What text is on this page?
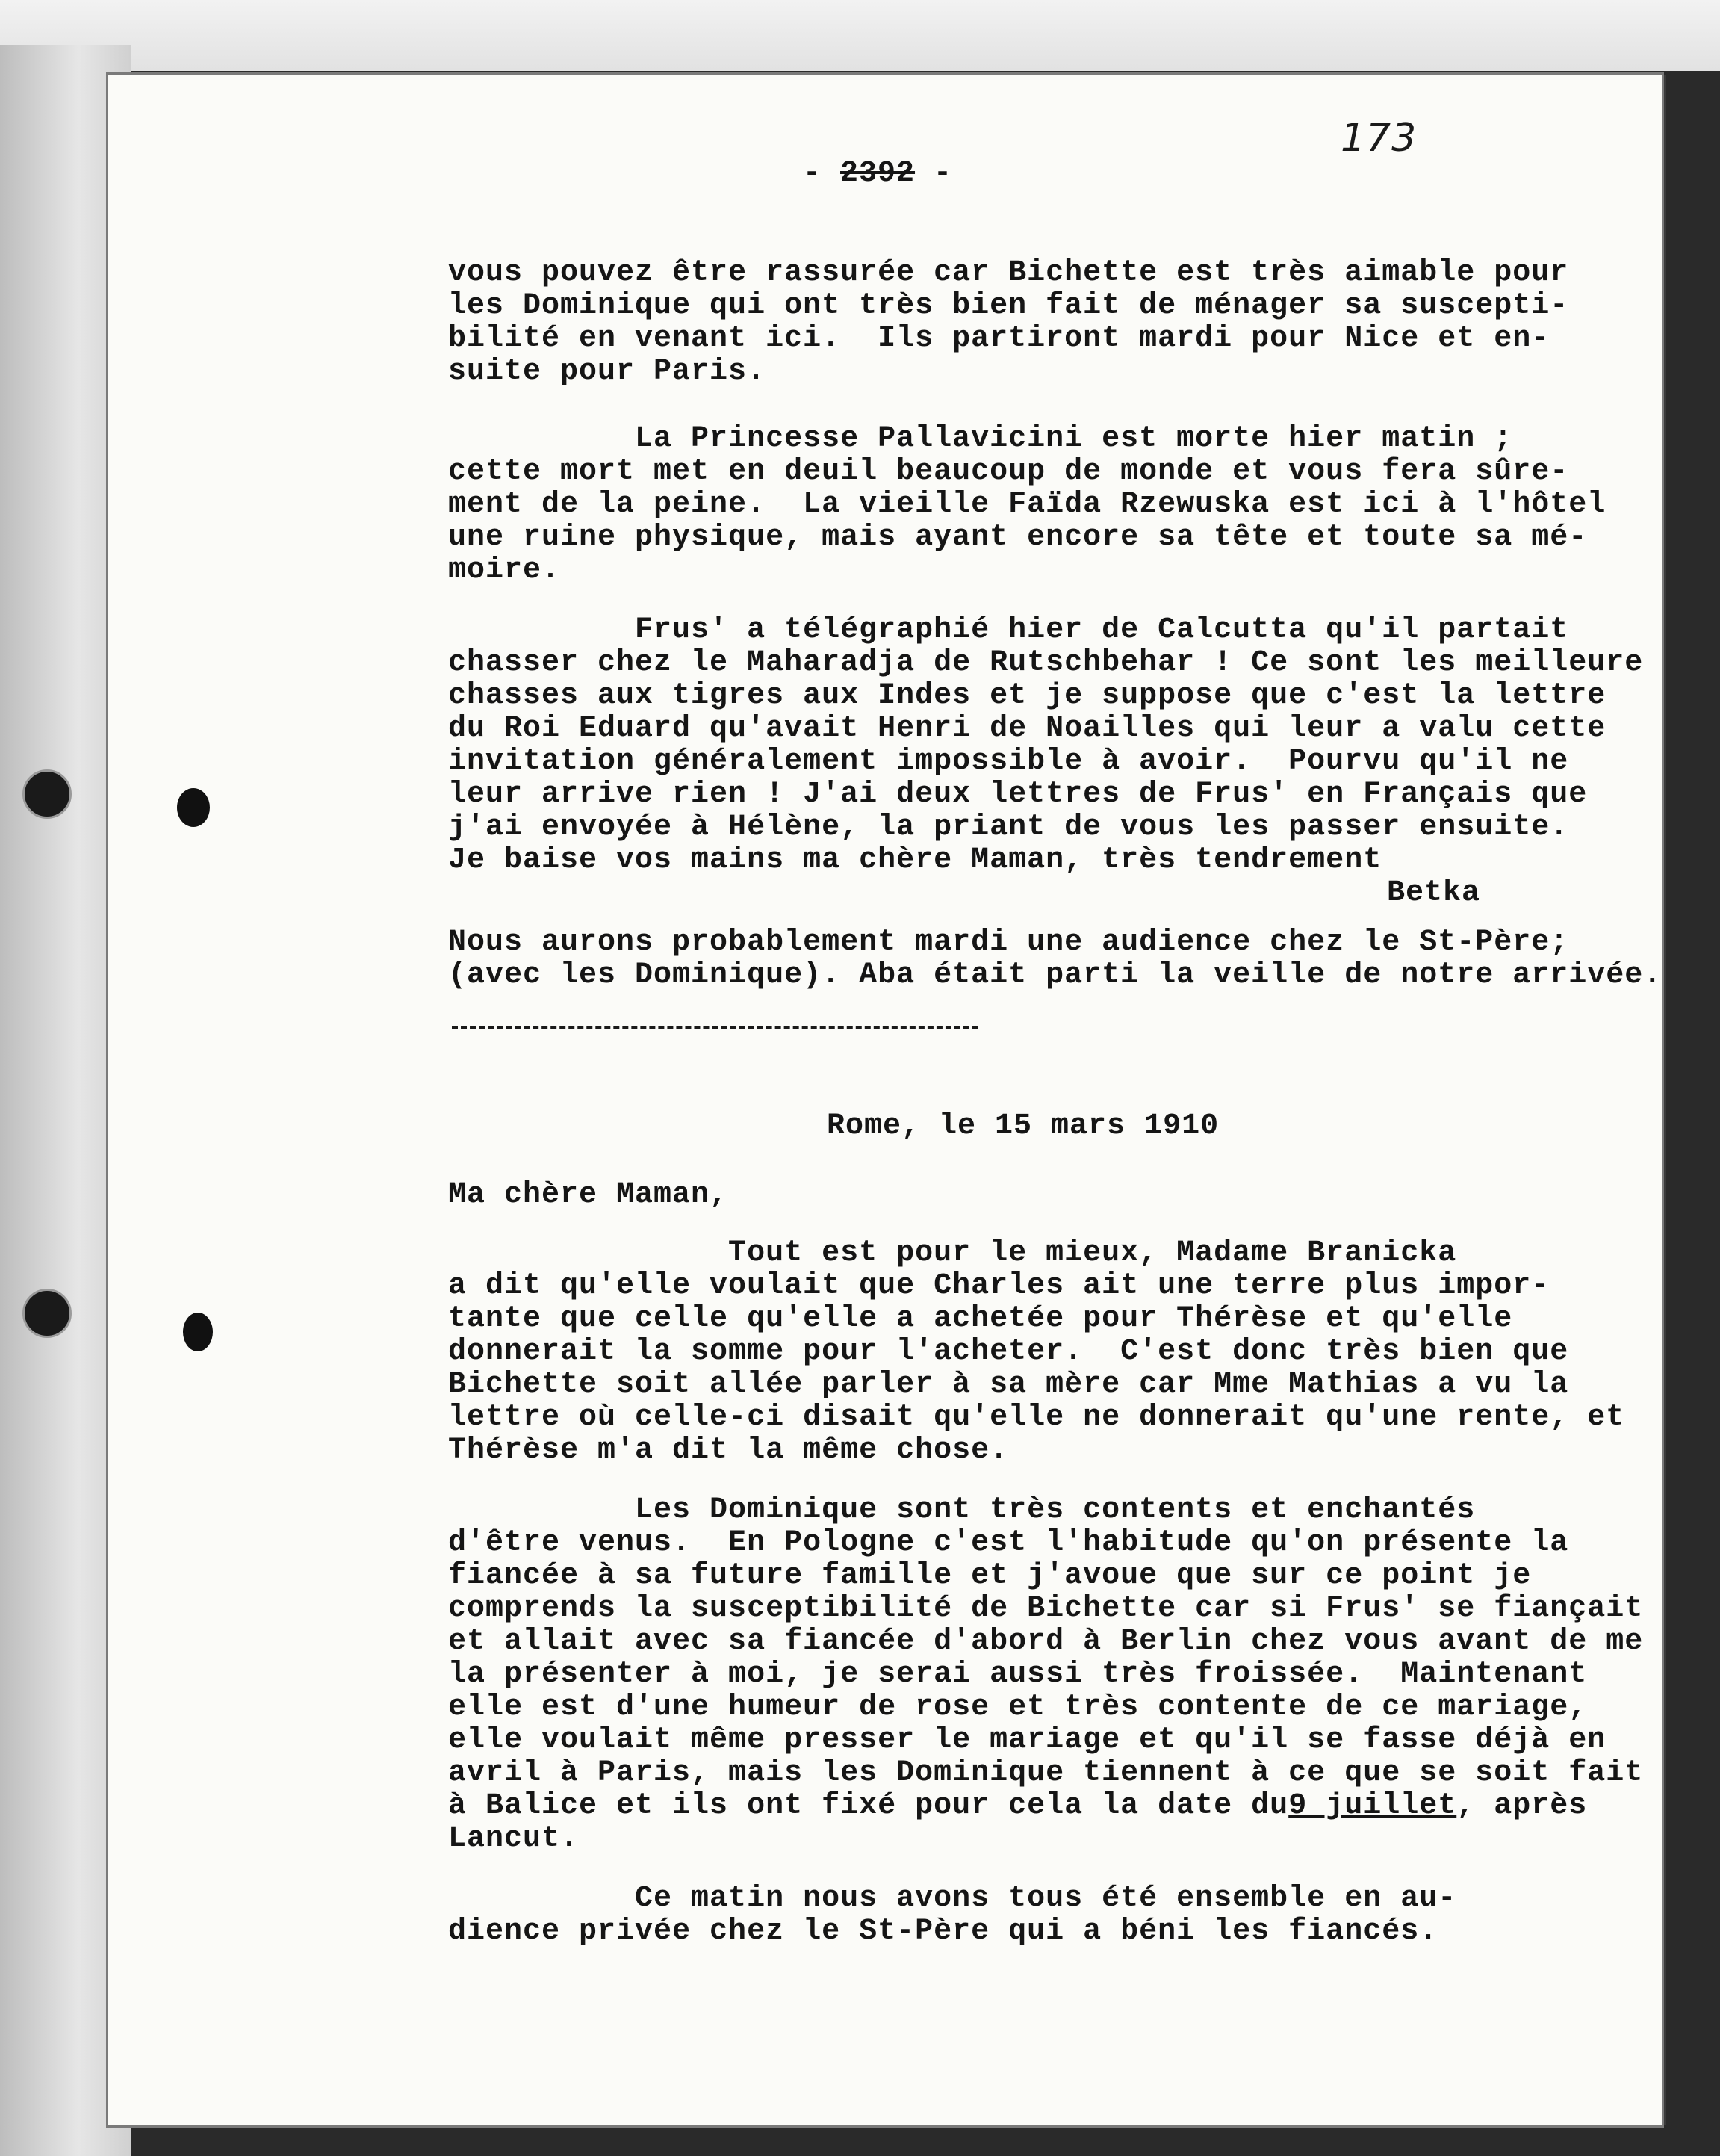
173
- 2392 -
vous pouvez être rassurée car Bichette est très aimable pour
les Dominique qui ont très bien fait de ménager sa suscepti-
bilité en venant ici.  Ils partiront mardi pour Nice et en-
suite pour Paris.
La Princesse Pallavicini est morte hier matin ;
cette mort met en deuil beaucoup de monde et vous fera sûre-
ment de la peine.  La vieille Faïda Rzewuska est ici à l'hôtel
une ruine physique, mais ayant encore sa tête et toute sa mé-
moire.
Frus' a télégraphié hier de Calcutta qu'il partait
chasser chez le Maharadja de Rutschbehar ! Ce sont les meilleure
chasses aux tigres aux Indes et je suppose que c'est la lettre
du Roi Eduard qu'avait Henri de Noailles qui leur a valu cette
invitation généralement impossible à avoir.  Pourvu qu'il ne
leur arrive rien ! J'ai deux lettres de Frus' en Français que
j'ai envoyée à Hélène, la priant de vous les passer ensuite.
Je baise vos mains ma chère Maman, très tendrement
Betka
Nous aurons probablement mardi une audience chez le St-Père;
(avec les Dominique). Aba était parti la veille de notre arrivée.
Rome, le 15 mars 1910
Ma chère Maman,
Tout est pour le mieux, Madame Branicka
a dit qu'elle voulait que Charles ait une terre plus impor-
tante que celle qu'elle a achetée pour Thérèse et qu'elle
donnerait la somme pour l'acheter.  C'est donc très bien que
Bichette soit allée parler à sa mère car Mme Mathias a vu la
lettre où celle-ci disait qu'elle ne donnerait qu'une rente, et
Thérèse m'a dit la même chose.
Les Dominique sont très contents et enchantés
d'être venus.  En Pologne c'est l'habitude qu'on présente la
fiancée à sa future famille et j'avoue que sur ce point je
comprends la susceptibilité de Bichette car si Frus' se fiançait
et allait avec sa fiancée d'abord à Berlin chez vous avant de me
la présenter à moi, je serai aussi très froissée.  Maintenant
elle est d'une humeur de rose et très contente de ce mariage,
elle voulait même presser le mariage et qu'il se fasse déjà en
avril à Paris, mais les Dominique tiennent à ce que se soit fait
à Balice et ils ont fixé pour cela la date du9 juillet, après
Lancut.
Ce matin nous avons tous été ensemble en au-
dience privée chez le St-Père qui a béni les fiancés.
